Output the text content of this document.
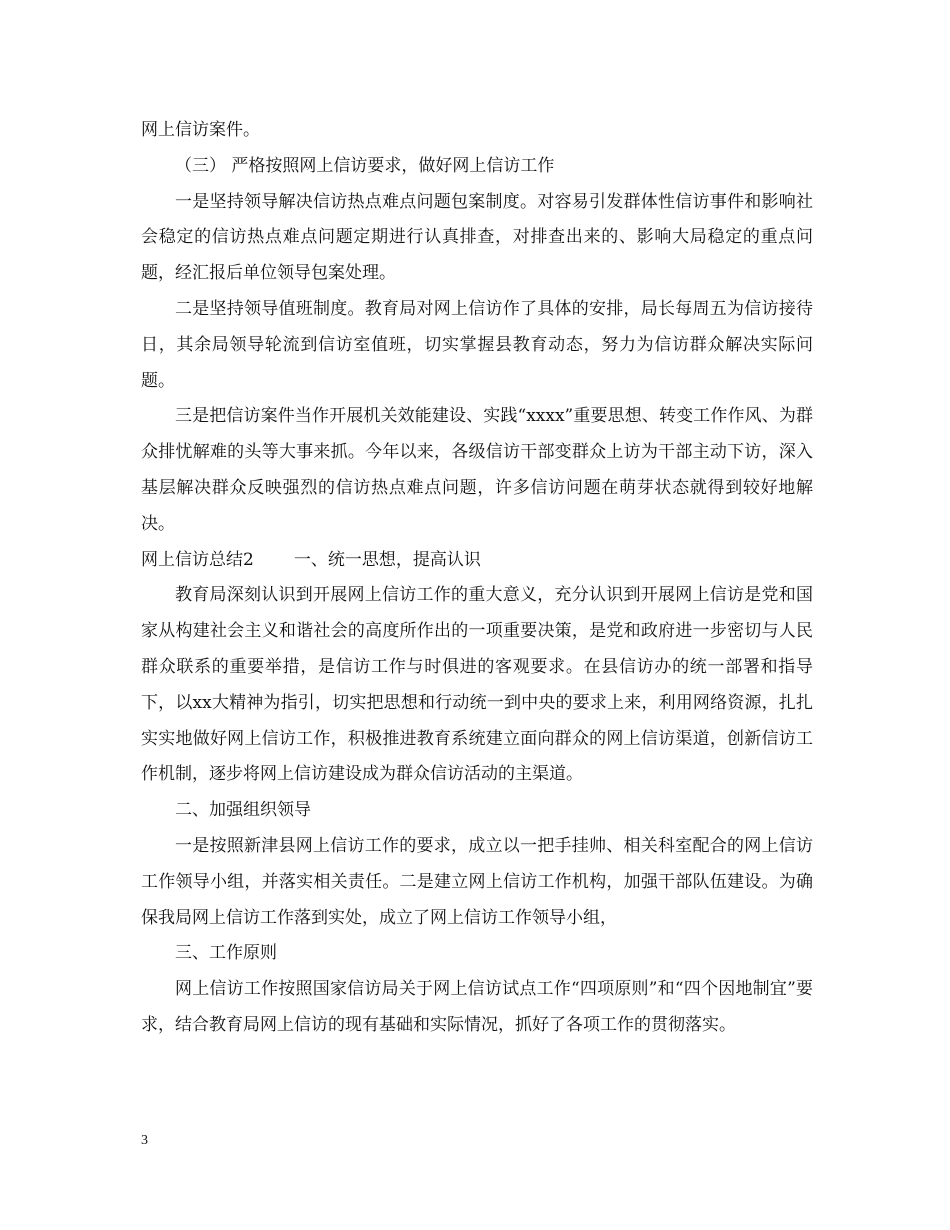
网上信访案件。

（三） 严格按照网上信访要求，做好网上信访工作

一是坚持领导解决信访热点难点问题包案制度。对容易引发群体性信访事件和影响社会稳定的信访热点难点问题定期进行认真排查，对排查出来的、影响大局稳定的重点问题，经汇报后单位领导包案处理。

二是坚持领导值班制度。教育局对网上信访作了具体的安排，局长每周五为信访接待日，其余局领导轮流到信访室值班，切实掌握县教育动态，努力为信访群众解决实际问题。

三是把信访案件当作开展机关效能建设、实践“xxxx”重要思想、转变工作作风、为群众排忧解难的头等大事来抓。今年以来，各级信访干部变群众上访为干部主动下访，深入基层解决群众反映强烈的信访热点难点问题，许多信访问题在萌芽状态就得到较好地解决。

网上信访总结2 一、统一思想，提高认识

教育局深刻认识到开展网上信访工作的重大意义，充分认识到开展网上信访是党和国家从构建社会主义和谐社会的高度所作出的一项重要决策，是党和政府进一步密切与人民群众联系的重要举措，是信访工作与时俱进的客观要求。在县信访办的统一部署和指导下，以xx大精神为指引，切实把思想和行动统一到中央的要求上来，利用网络资源，扎扎实实地做好网上信访工作，积极推进教育系统建立面向群众的网上信访渠道，创新信访工作机制，逐步将网上信访建设成为群众信访活动的主渠道。

二、加强组织领导

一是按照新津县网上信访工作的要求，成立以一把手挂帅、相关科室配合的网上信访工作领导小组，并落实相关责任。二是建立网上信访工作机构，加强干部队伍建设。为确保我局网上信访工作落到实处，成立了网上信访工作领导小组，

三、工作原则

网上信访工作按照国家信访局关于网上信访试点工作“四项原则”和“四个因地制宜”要求，结合教育局网上信访的现有基础和实际情况，抓好了各项工作的贯彻落实。

3
